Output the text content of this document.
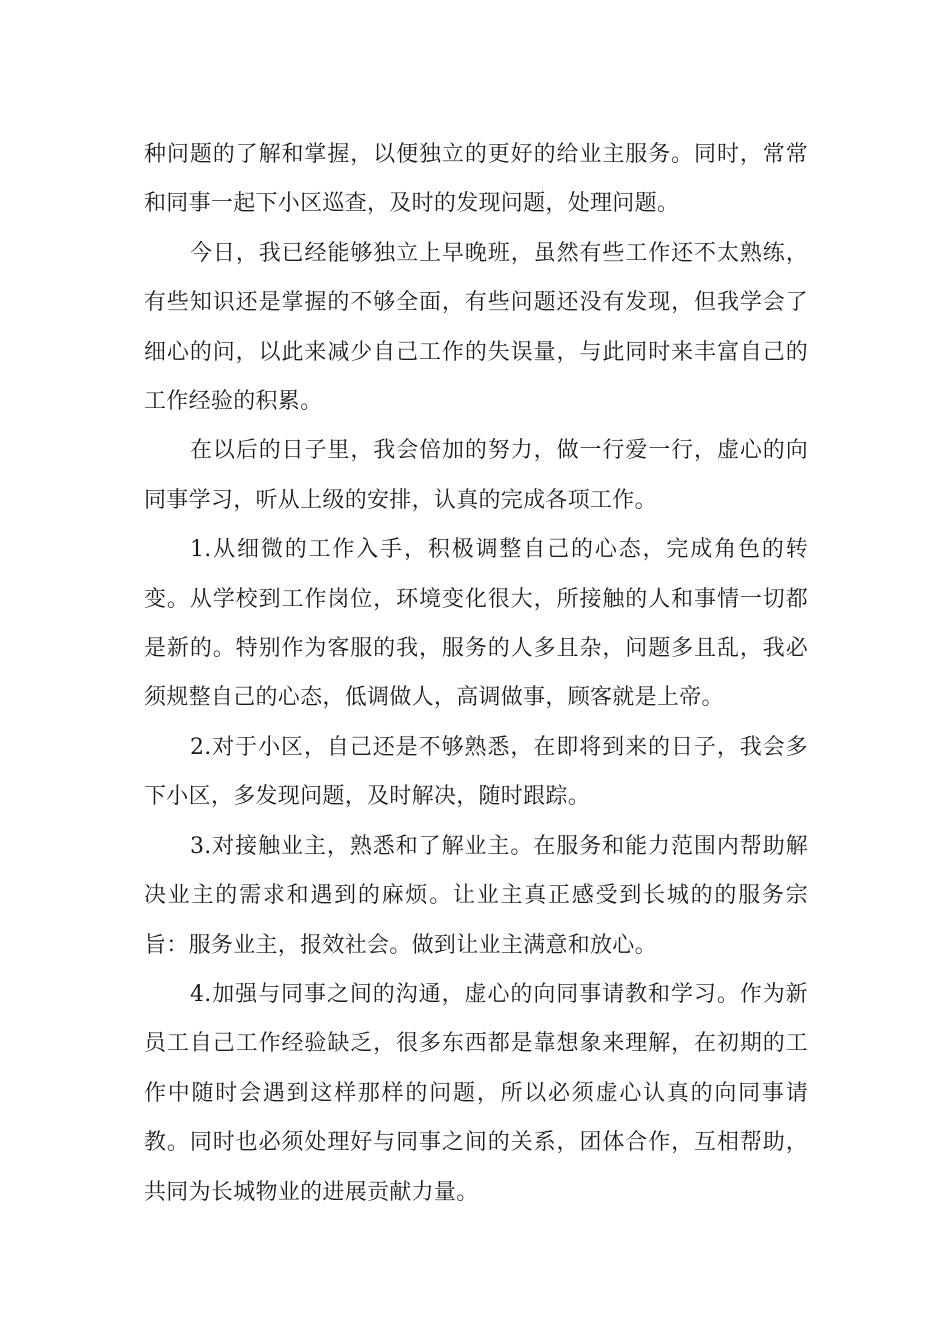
种问题的了解和掌握，以便独立的更好的给业主服务。同时，常常和同事一起下小区巡查，及时的发现问题，处理问题。

今日，我已经能够独立上早晚班，虽然有些工作还不太熟练，有些知识还是掌握的不够全面，有些问题还没有发现，但我学会了细心的问，以此来减少自己工作的失误量，与此同时来丰富自己的工作经验的积累。

在以后的日子里，我会倍加的努力，做一行爱一行，虚心的向同事学习，听从上级的安排，认真的完成各项工作。

1.从细微的工作入手，积极调整自己的心态，完成角色的转变。从学校到工作岗位，环境变化很大，所接触的人和事情一切都是新的。特别作为客服的我，服务的人多且杂，问题多且乱，我必须规整自己的心态，低调做人，高调做事，顾客就是上帝。

2.对于小区，自己还是不够熟悉，在即将到来的日子，我会多下小区，多发现问题，及时解决，随时跟踪。

3.对接触业主，熟悉和了解业主。在服务和能力范围内帮助解决业主的需求和遇到的麻烦。让业主真正感受到长城的的服务宗旨：服务业主，报效社会。做到让业主满意和放心。

4.加强与同事之间的沟通，虚心的向同事请教和学习。作为新员工自己工作经验缺乏，很多东西都是靠想象来理解，在初期的工作中随时会遇到这样那样的问题，所以必须虚心认真的向同事请教。同时也必须处理好与同事之间的关系，团体合作，互相帮助，共同为长城物业的进展贡献力量。
